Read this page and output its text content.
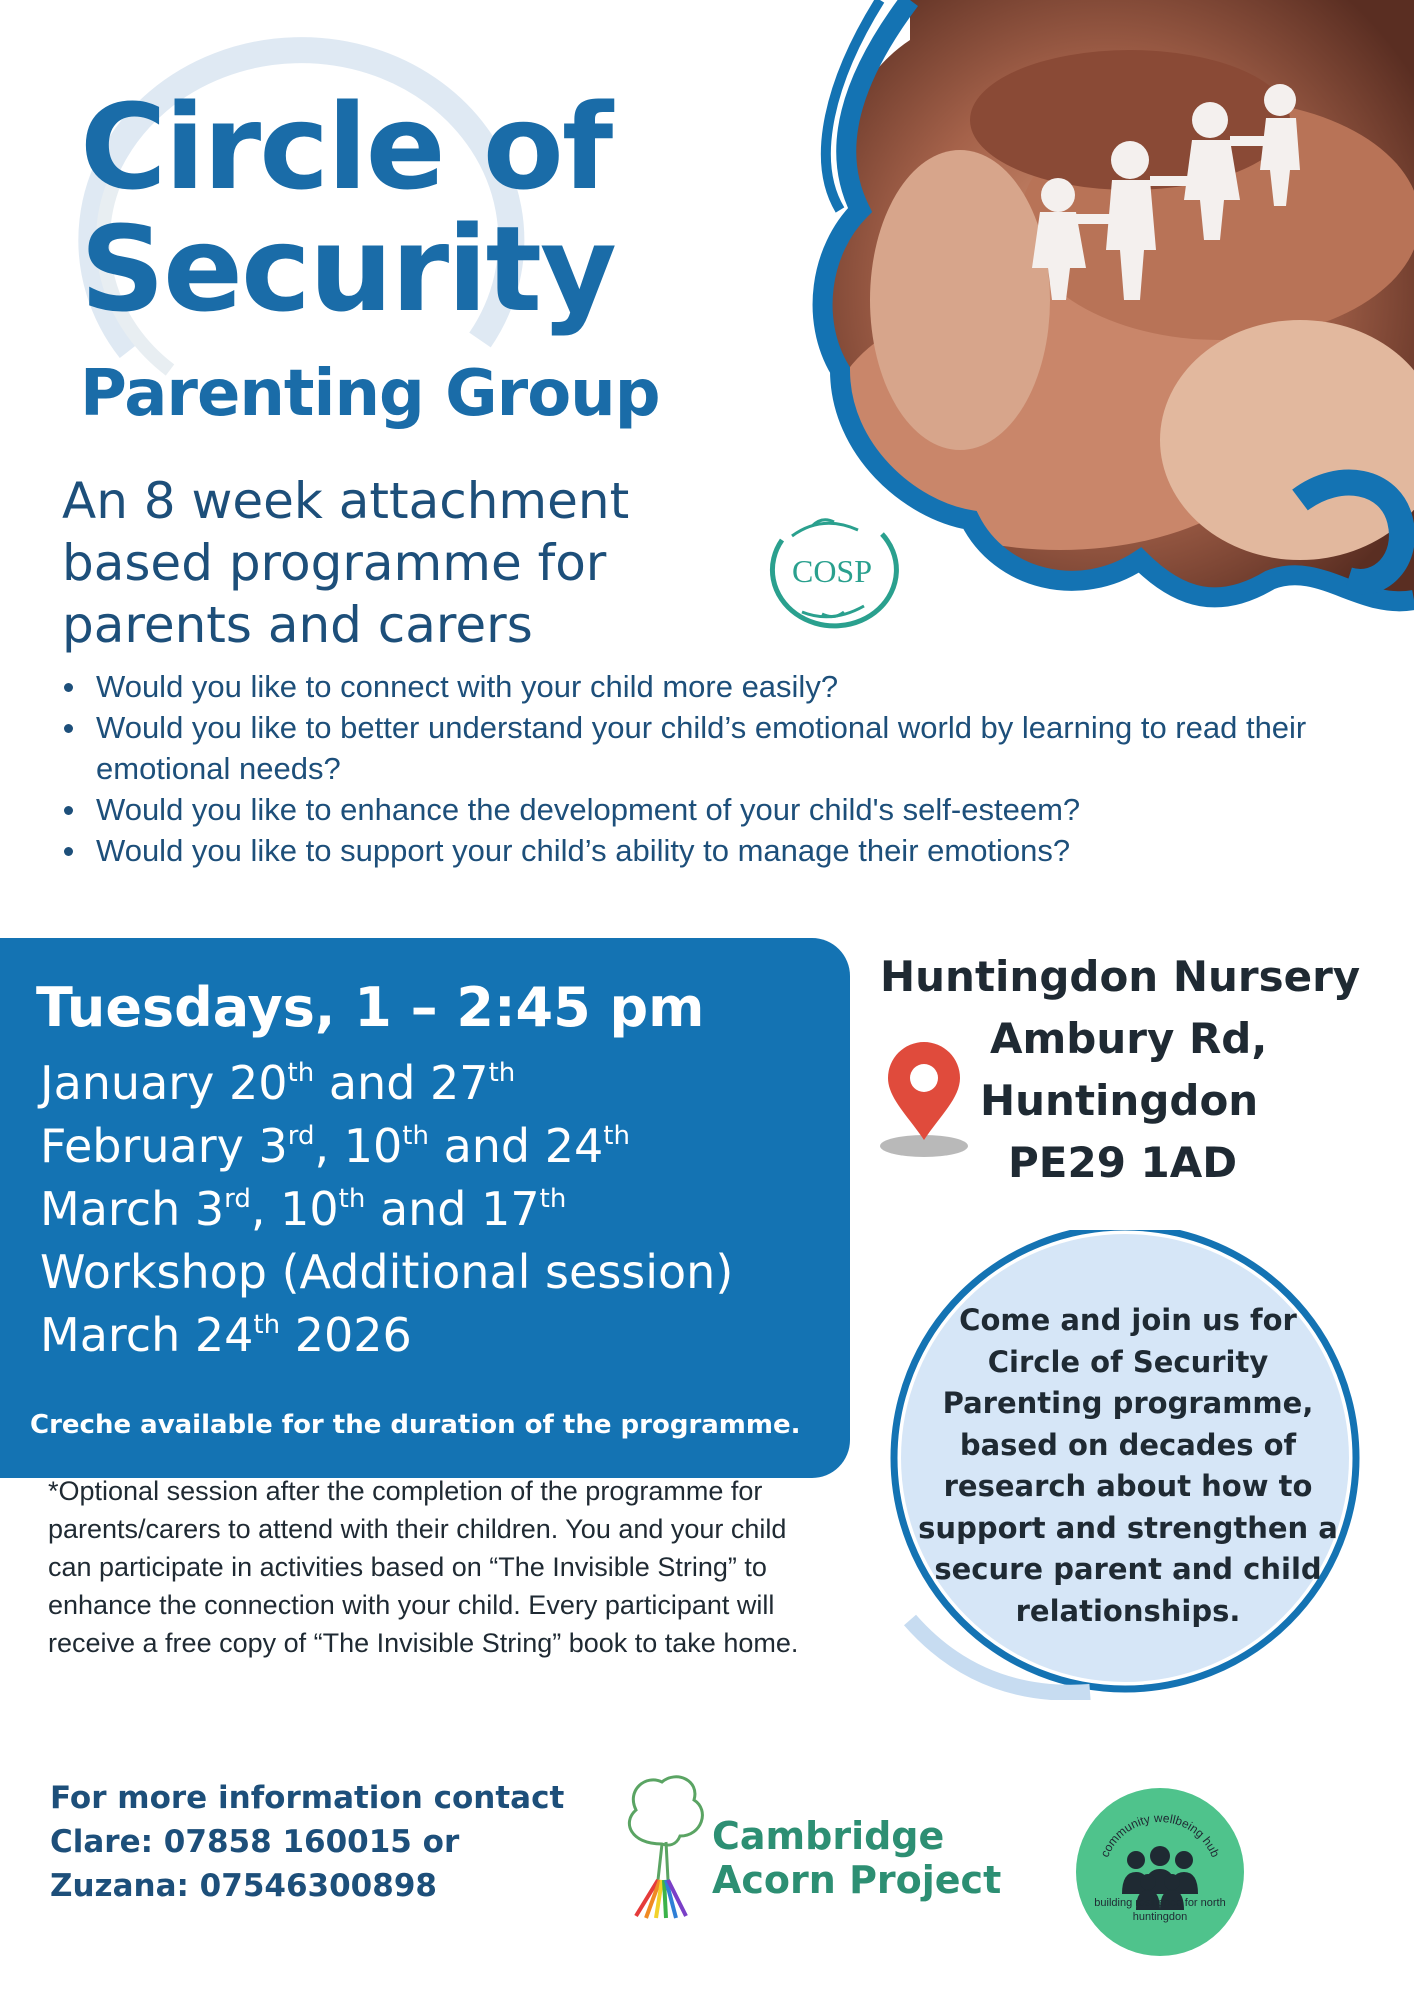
Circle of
Security
Parenting Group
An 8 week attachment
based programme for
parents and carers
COSP
Would you like to connect with your child more easily?
Would you like to better understand your child’s emotional world by learning to read their emotional needs?
Would you like to enhance the development of your child's self-esteem?
Would you like to support your child’s ability to manage their emotions?
Tuesdays, 1 – 2:45 pm
January 20th and 27th
February 3rd, 10th and 24th
March 3rd, 10th and 17th
Workshop (Additional session)
March 24th 2026
Creche available for the duration of the programme.
*Optional session after the completion of the programme for parents/carers to attend with their children. You and your child can participate in activities based on “The Invisible String” to enhance the connection with your child. Every participant will receive a free copy of “The Invisible String” book to take home.
Huntingdon Nursery
Ambury Rd,
Huntingdon
PE29 1AD
Come and join us for Circle of Security Parenting programme, based on decades of research about how to support and strengthen a secure parent and child relationships.
For more information contact
Clare: 07858 160015 or
Zuzana: 07546300898
Cambridge
Acorn Project
community wellbeing hub
building resilience for north huntingdon
